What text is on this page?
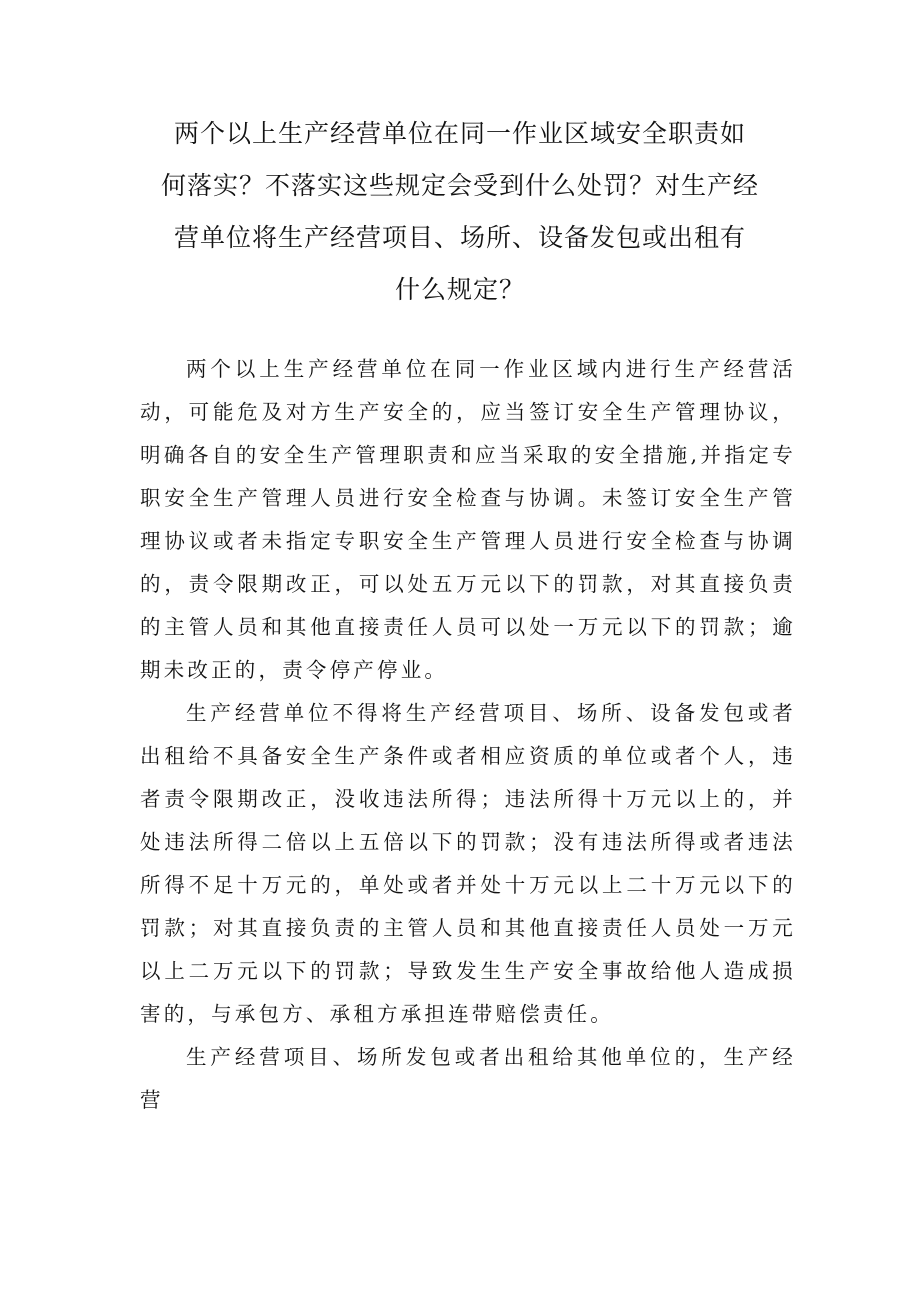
两个以上生产经营单位在同一作业区域安全职责如
何落实？不落实这些规定会受到什么处罚？对生产经
营单位将生产经营项目、场所、设备发包或出租有
什么规定？

两个以上生产经营单位在同一作业区域内进行生产经营活动，可能危及对方生产安全的，应当签订安全生产管理协议，明确各自的安全生产管理职责和应当采取的安全措施,并指定专职安全生产管理人员进行安全检查与协调。未签订安全生产管理协议或者未指定专职安全生产管理人员进行安全检查与协调的，责令限期改正，可以处五万元以下的罚款，对其直接负责的主管人员和其他直接责任人员可以处一万元以下的罚款；逾期未改正的，责令停产停业。

生产经营单位不得将生产经营项目、场所、设备发包或者出租给不具备安全生产条件或者相应资质的单位或者个人，违者责令限期改正，没收违法所得；违法所得十万元以上的，并处违法所得二倍以上五倍以下的罚款；没有违法所得或者违法所得不足十万元的，单处或者并处十万元以上二十万元以下的罚款；对其直接负责的主管人员和其他直接责任人员处一万元以上二万元以下的罚款；导致发生生产安全事故给他人造成损害的，与承包方、承租方承担连带赔偿责任。

生产经营项目、场所发包或者出租给其他单位的，生产经营
